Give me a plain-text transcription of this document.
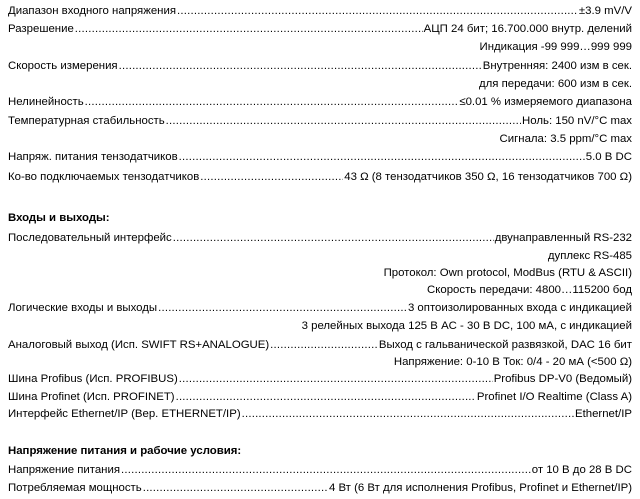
Диапазон входного напряжения .....	±3.9 mV/V
Разрешение .....	АЦП 24 бит; 16.700.000 внутр. делений
Индикация -99 999…999 999
Скорость измерения .....	Внутренняя: 2400 изм в сек.
для передачи: 600 изм в сек.
Нелинейность .....	≤0.01 % измеряемого диапазона
Температурная стабильность .....	Ноль: 150 nV/°C max
Сигнала: 3.5 ppm/°C max
Напряж. питания тензодатчиков .....	5.0 В DC
Ко-во подключаемых тензодатчиков .....	43 Ω (8 тензодатчиков 350 Ω, 16 тензодатчиков 700 Ω)
Входы и выходы:
Последовательный интерфейс .....	двунаправленный RS-232
дуплекс RS-485
Протокол: Own protocol, ModBus (RTU & ASCII)
Скорость передачи: 4800…115200 бод
Логические входы и выходы .....	3 оптоизолированных входа с индикацией
3 релейных выхода 125 В AC - 30 В DC, 100 мА, с индикацией
Аналоговый выход (Исп. SWIFT RS+ANALOGUE) .....	Выход с гальванической развязкой, DAC 16 бит
Напряжение: 0-10 В Ток: 0/4 - 20 мА (<500 Ω)
Шина Profibus (Исп. PROFIBUS) .....	Profibus DP-V0 (Ведомый)
Шина Profinet (Исп. PROFINET) .....	Profinet I/O Realtime (Class A)
Интерфейс Ethernet/IP (Вер. ETHERNET/IP) .....	Ethernet/IP
Напряжение питания и рабочие условия:
Напряжение питания .....	от 10 В до 28 В DC
Потребляемая мощность .....	4 Вт (6 Вт для исполнения Profibus, Profinet и Ethernet/IP)
